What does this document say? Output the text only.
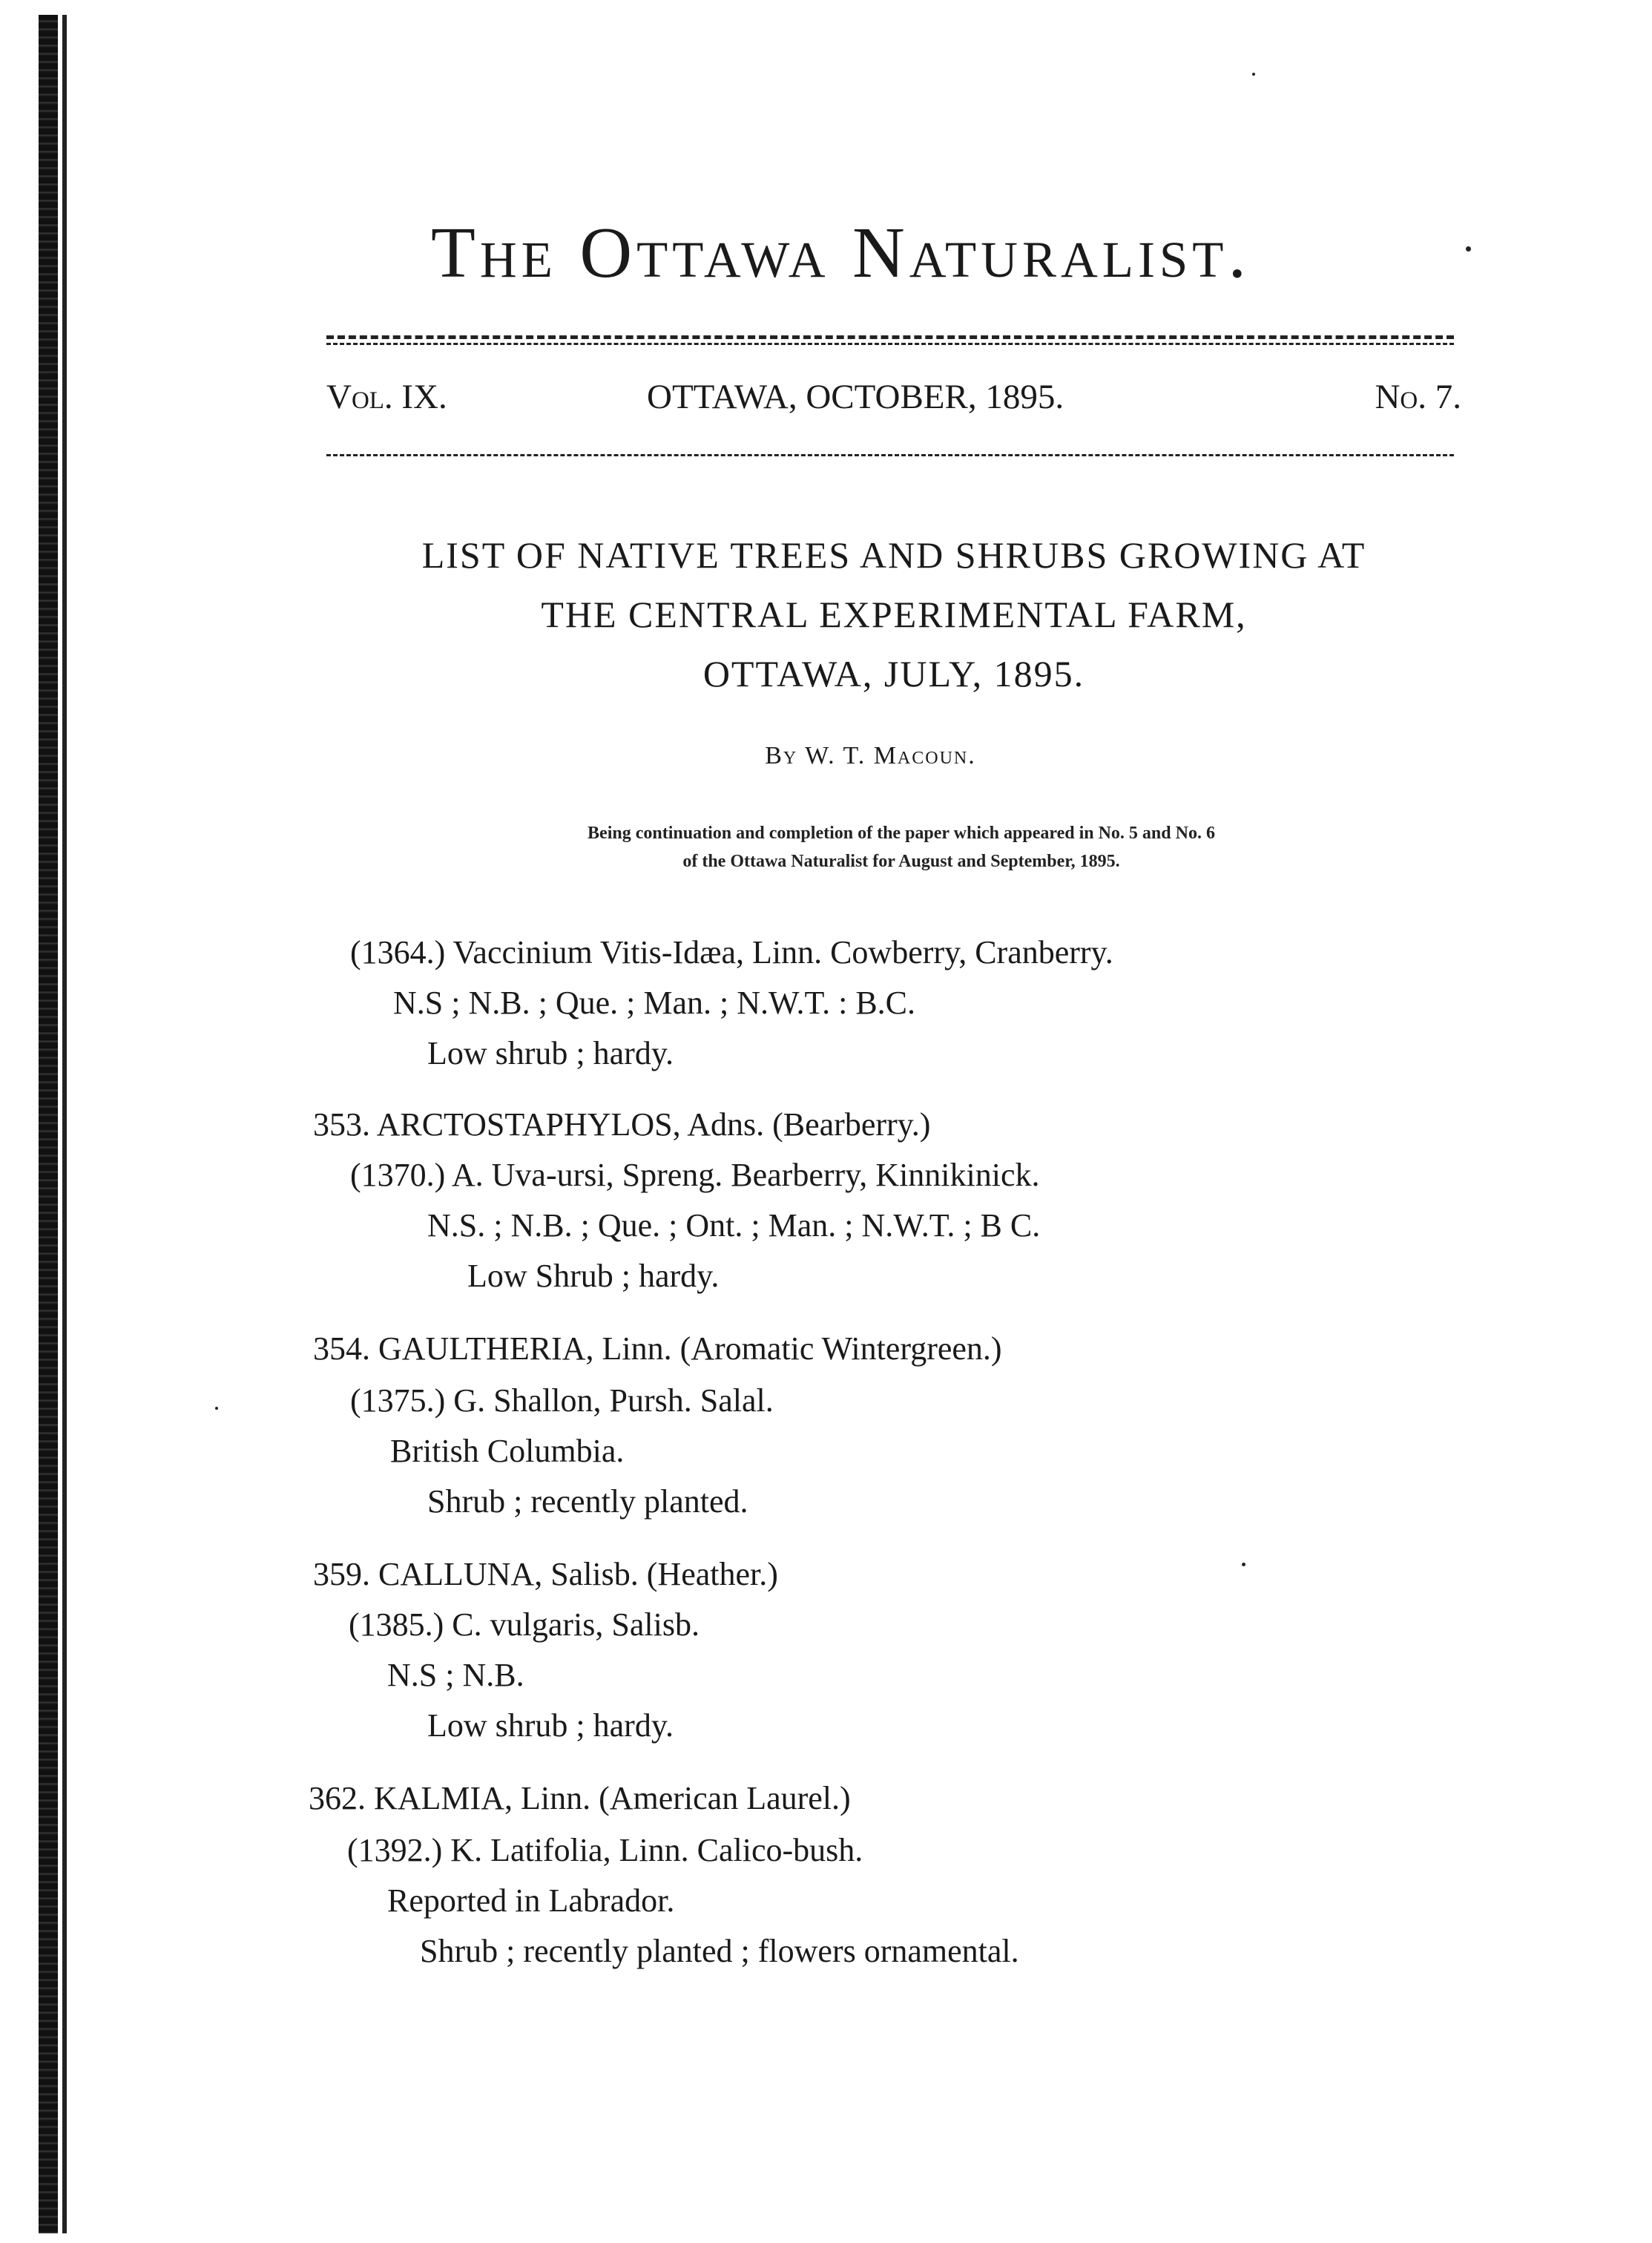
The Ottawa Naturalist.
Vol. IX.	OTTAWA, OCTOBER, 1895.	No. 7.
LIST OF NATIVE TREES AND SHRUBS GROWING AT
THE CENTRAL EXPERIMENTAL FARM,
OTTAWA, JULY, 1895.
By W. T. Macoun.
Being continuation and completion of the paper which appeared in No. 5 and No. 6
of the Ottawa Naturalist for August and September, 1895.
(1364.) Vaccinium Vitis-Idæa, Linn. Cowberry, Cranberry.
N.S ; N.B. ; Que. ; Man. ; N.W.T. : B.C.
Low shrub ; hardy.
353. ARCTOSTAPHYLOS, Adns. (Bearberry.)
(1370.) A. Uva-ursi, Spreng. Bearberry, Kinnikinick.
N.S. ; N.B. ; Que. ; Ont. ; Man. ; N.W.T. ; B C.
Low Shrub ; hardy.
354. GAULTHERIA, Linn. (Aromatic Wintergreen.)
(1375.) G. Shallon, Pursh. Salal.
British Columbia.
Shrub ; recently planted.
359. CALLUNA, Salisb. (Heather.)
(1385.) C. vulgaris, Salisb.
N.S ; N.B.
Low shrub ; hardy.
362. KALMIA, Linn. (American Laurel.)
(1392.) K. Latifolia, Linn. Calico-bush.
Reported in Labrador.
Shrub ; recently planted ; flowers ornamental.
